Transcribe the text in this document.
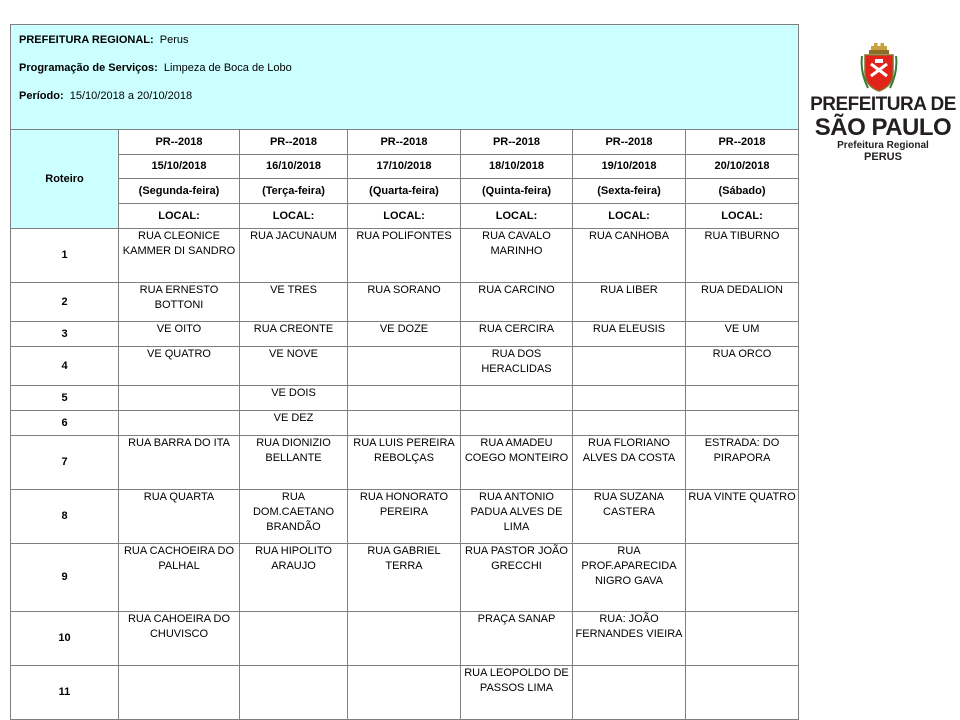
PREFEITURA REGIONAL: Perus
Programação de Serviços: Limpeza de Boca de Lobo
Período: 15/10/2018 a 20/10/2018						

Roteiro	PR--2018	PR--2018	PR--2018	PR--2018	PR--2018	PR--2018
	15/10/2018	16/10/2018	17/10/2018	18/10/2018	19/10/2018	20/10/2018
	(Segunda-feira)	(Terça-feira)	(Quarta-feira)	(Quinta-feira)	(Sexta-feira)	(Sábado)
	LOCAL:	LOCAL:	LOCAL:	LOCAL:	LOCAL:	LOCAL:
1	RUA CLEONICE KAMMER DI SANDRO	RUA JACUNAUM	RUA POLIFONTES	RUA CAVALO MARINHO	RUA CANHOBA	RUA TIBURNO
2	RUA ERNESTO BOTTONI	VE TRES	RUA SORANO	RUA CARCINO	RUA LIBER	RUA DEDALION
3	VE OITO	RUA CREONTE	VE DOZE	RUA CERCIRA	RUA ELEUSIS	VE UM
4	VE QUATRO	VE NOVE		RUA DOS HERACLIDAS		RUA ORCO
5		VE DOIS				
6		VE DEZ				
7	RUA BARRA DO ITA	RUA DIONIZIO BELLANTE	RUA LUIS PEREIRA REBOLÇAS	RUA AMADEU COEGO MONTEIRO	RUA FLORIANO ALVES DA COSTA	ESTRADA: DO PIRAPORA
8	RUA QUARTA	RUA DOM.CAETANO BRANDÃO	RUA HONORATO PEREIRA	RUA ANTONIO PADUA ALVES DE LIMA	RUA SUZANA CASTERA	RUA VINTE QUATRO
9	RUA CACHOEIRA DO PALHAL	RUA HIPOLITO ARAUJO	RUA GABRIEL TERRA	RUA PASTOR JOÃO GRECCHI	RUA PROF.APARECIDA NIGRO GAVA	
10	RUA CAHOEIRA DO CHUVISCO			PRAÇA SANAP	RUA: JOÃO FERNANDES VIEIRA	
11				RUA LEOPOLDO DE PASSOS LIMA		
PREFEITURA DE
SÃO PAULO
Prefeitura Regional
PERUS
